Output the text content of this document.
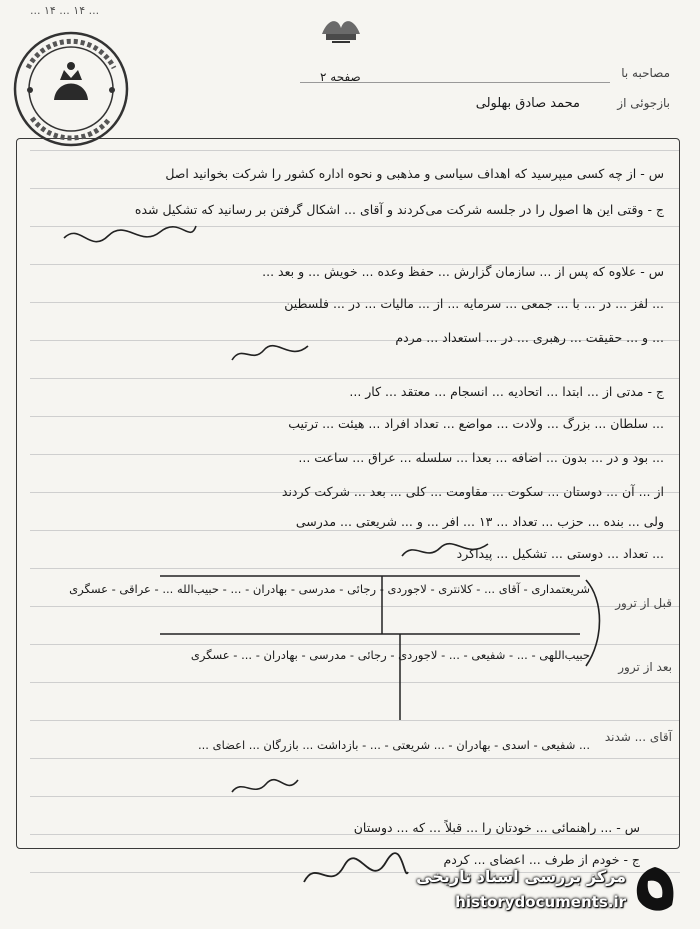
... ۱۴ ... ۱۴ ...
مصاحبه با
بازجوئی از
محمد صادق بهلولی
صفحه ۲
س - از چه کسی میپرسید که اهداف سیاسی و مذهبی و نحوه اداره کشور را شرکت بخوانید اصل
ج - وقتی این ها اصول را در جلسه شرکت می‌کردند و آقای ... اشکال گرفتن بر رسانید که تشکیل شده
س - علاوه که پس از ... سازمان گزارش ... حفظ وعده ... خویش ... و بعد ...
... لفز ... در ... با ... جمعی ... سرمایه ... از ... مالیات ... در ... فلسطین
... و ... حقیقت ... رهبری ... در ... استعداد ... مردم
ج - مدتی از ... ابتدا ... اتحادیه ... انسجام ... معتقد ... کار ...
... سلطان ... بزرگ ... ولادت ... مواضع ... تعداد افراد ... هیئت ... ترتیب
... بود و در ... بدون ... اضافه ... بعدا ... سلسله ... عراق ... ساعت ...
از ... آن ... دوستان ... سکوت ... مقاومت ... کلی ... بعد ... شرکت کردند
ولی ... بنده ... حزب ... تعداد ... ۱۳ ... افر ... و ... شریعتی ... مدرسی
... تعداد ... دوستی ... تشکیل ... پیداکرد
قبل از ترور
بعد از ترور
آقای ... شدند
شریعتمداری - آقای ... - کلانتری - لاجوردی - رجائی - مدرسی - بهادران - ... - حبیب‌الله ... - عراقی - عسگری
حبیب‌اللهی - ... - شفیعی - ... - لاجوردی - رجائی - مدرسی - بهادران - ... - عسگری
... شفیعی - اسدی - بهادران - ... شریعتی - ... - بازداشت ... بازرگان ... اعضای ...
س - ... راهنمائی ... خودتان را ... قبلاً ... که ... دوستان
ج - خودم از طرف ... اعضای ... کردم
مرکز بررسی اسناد تاریخی
historydocuments.ir
